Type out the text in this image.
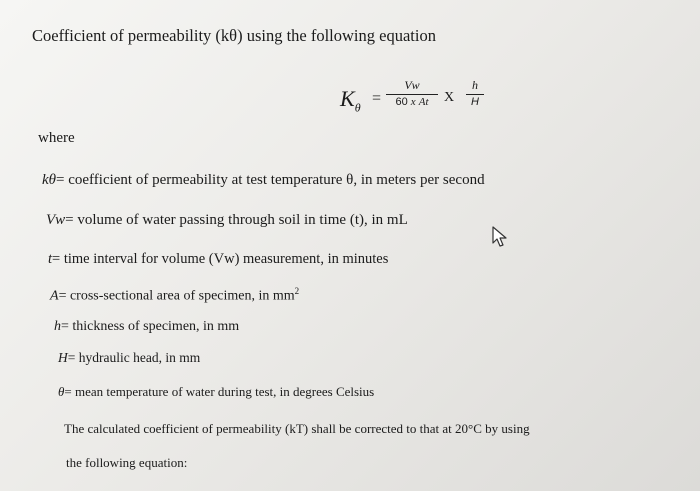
Coefficient of permeability (kθ) using the following equation
$K_\theta$
=
Vw
60 x At	X
h
H
where
kθ= coefficient of permeability at test temperature θ, in meters per second
Vw= volume of water passing through soil in time (t), in mL
t= time interval for volume (Vw) measurement, in minutes
A= cross-sectional area of specimen, in $mm^2$
h= thickness of specimen, in mm
H= hydraulic head, in mm
θ= mean temperature of water during test, in degrees Celsius
The calculated coefficient of permeability (kT) shall be corrected to that at 20°C by using
the following equation:
